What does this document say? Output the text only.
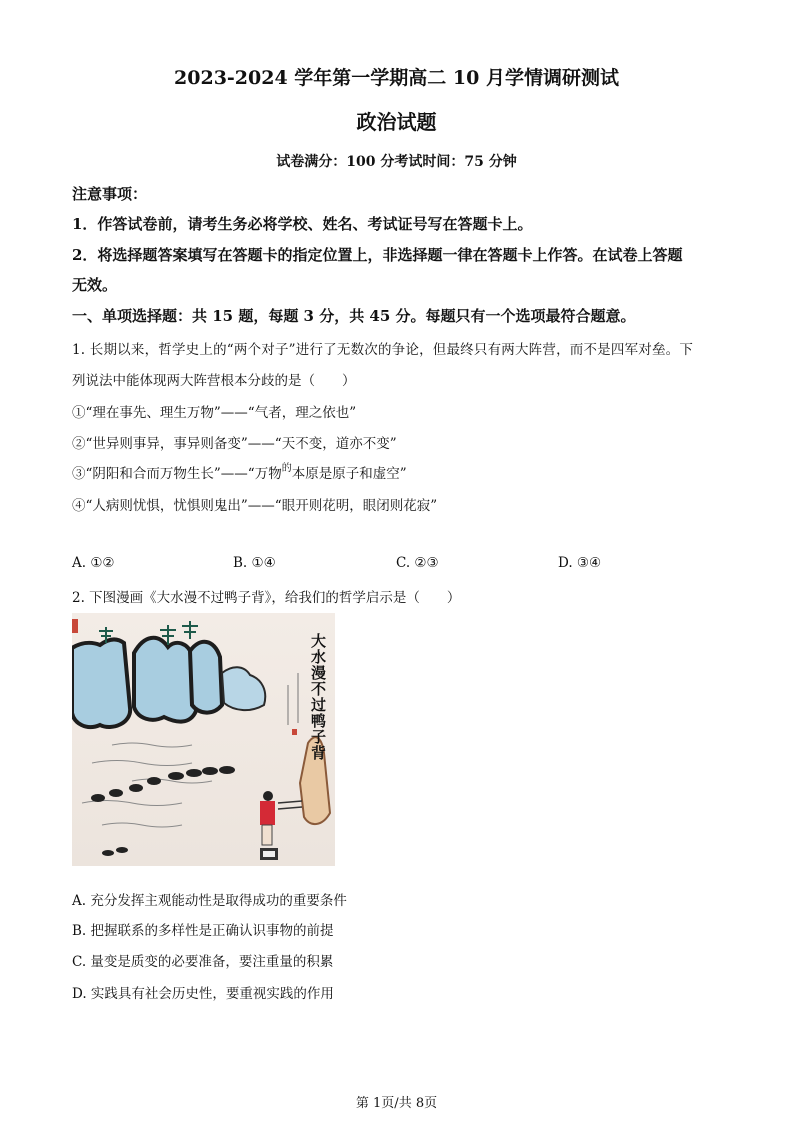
2023-2024 学年第一学期高二 10 月学情调研测试
政治试题
试卷满分：100 分考试时间：75 分钟
注意事项：
1．作答试卷前，请考生务必将学校、姓名、考试证号写在答题卡上。
2．将选择题答案填写在答题卡的指定位置上，非选择题一律在答题卡上作答。在试卷上答题
无效。
一、单项选择题：共 15 题，每题 3 分，共 45 分。每题只有一个选项最符合题意。
1. 长期以来，哲学史上的“两个对子”进行了无数次的争论，但最终只有两大阵营，而不是四军对垒。下
列说法中能体现两大阵营根本分歧的是（　　）
①“理在事先、理生万物”——“气者，理之依也”
②“世异则事异，事异则备变”——“天不变，道亦不变”
③“阴阳和合而万物生长”——“万物$^的$本原是原子和虚空”
④“人病则忧惧，忧惧则鬼出”——“眼开则花明，眼闭则花寂”
A. ①②	B. ①④	C. ②③	D. ③④
2. 下图漫画《大水漫不过鸭子背》，给我们的哲学启示是（　　）
大水漫不过鸭子背
A. 充分发挥主观能动性是取得成功的重要条件
B. 把握联系的多样性是正确认识事物的前提
C. 量变是质变的必要准备，要注重量的积累
D. 实践具有社会历史性，要重视实践的作用
第 1页/共 8页
